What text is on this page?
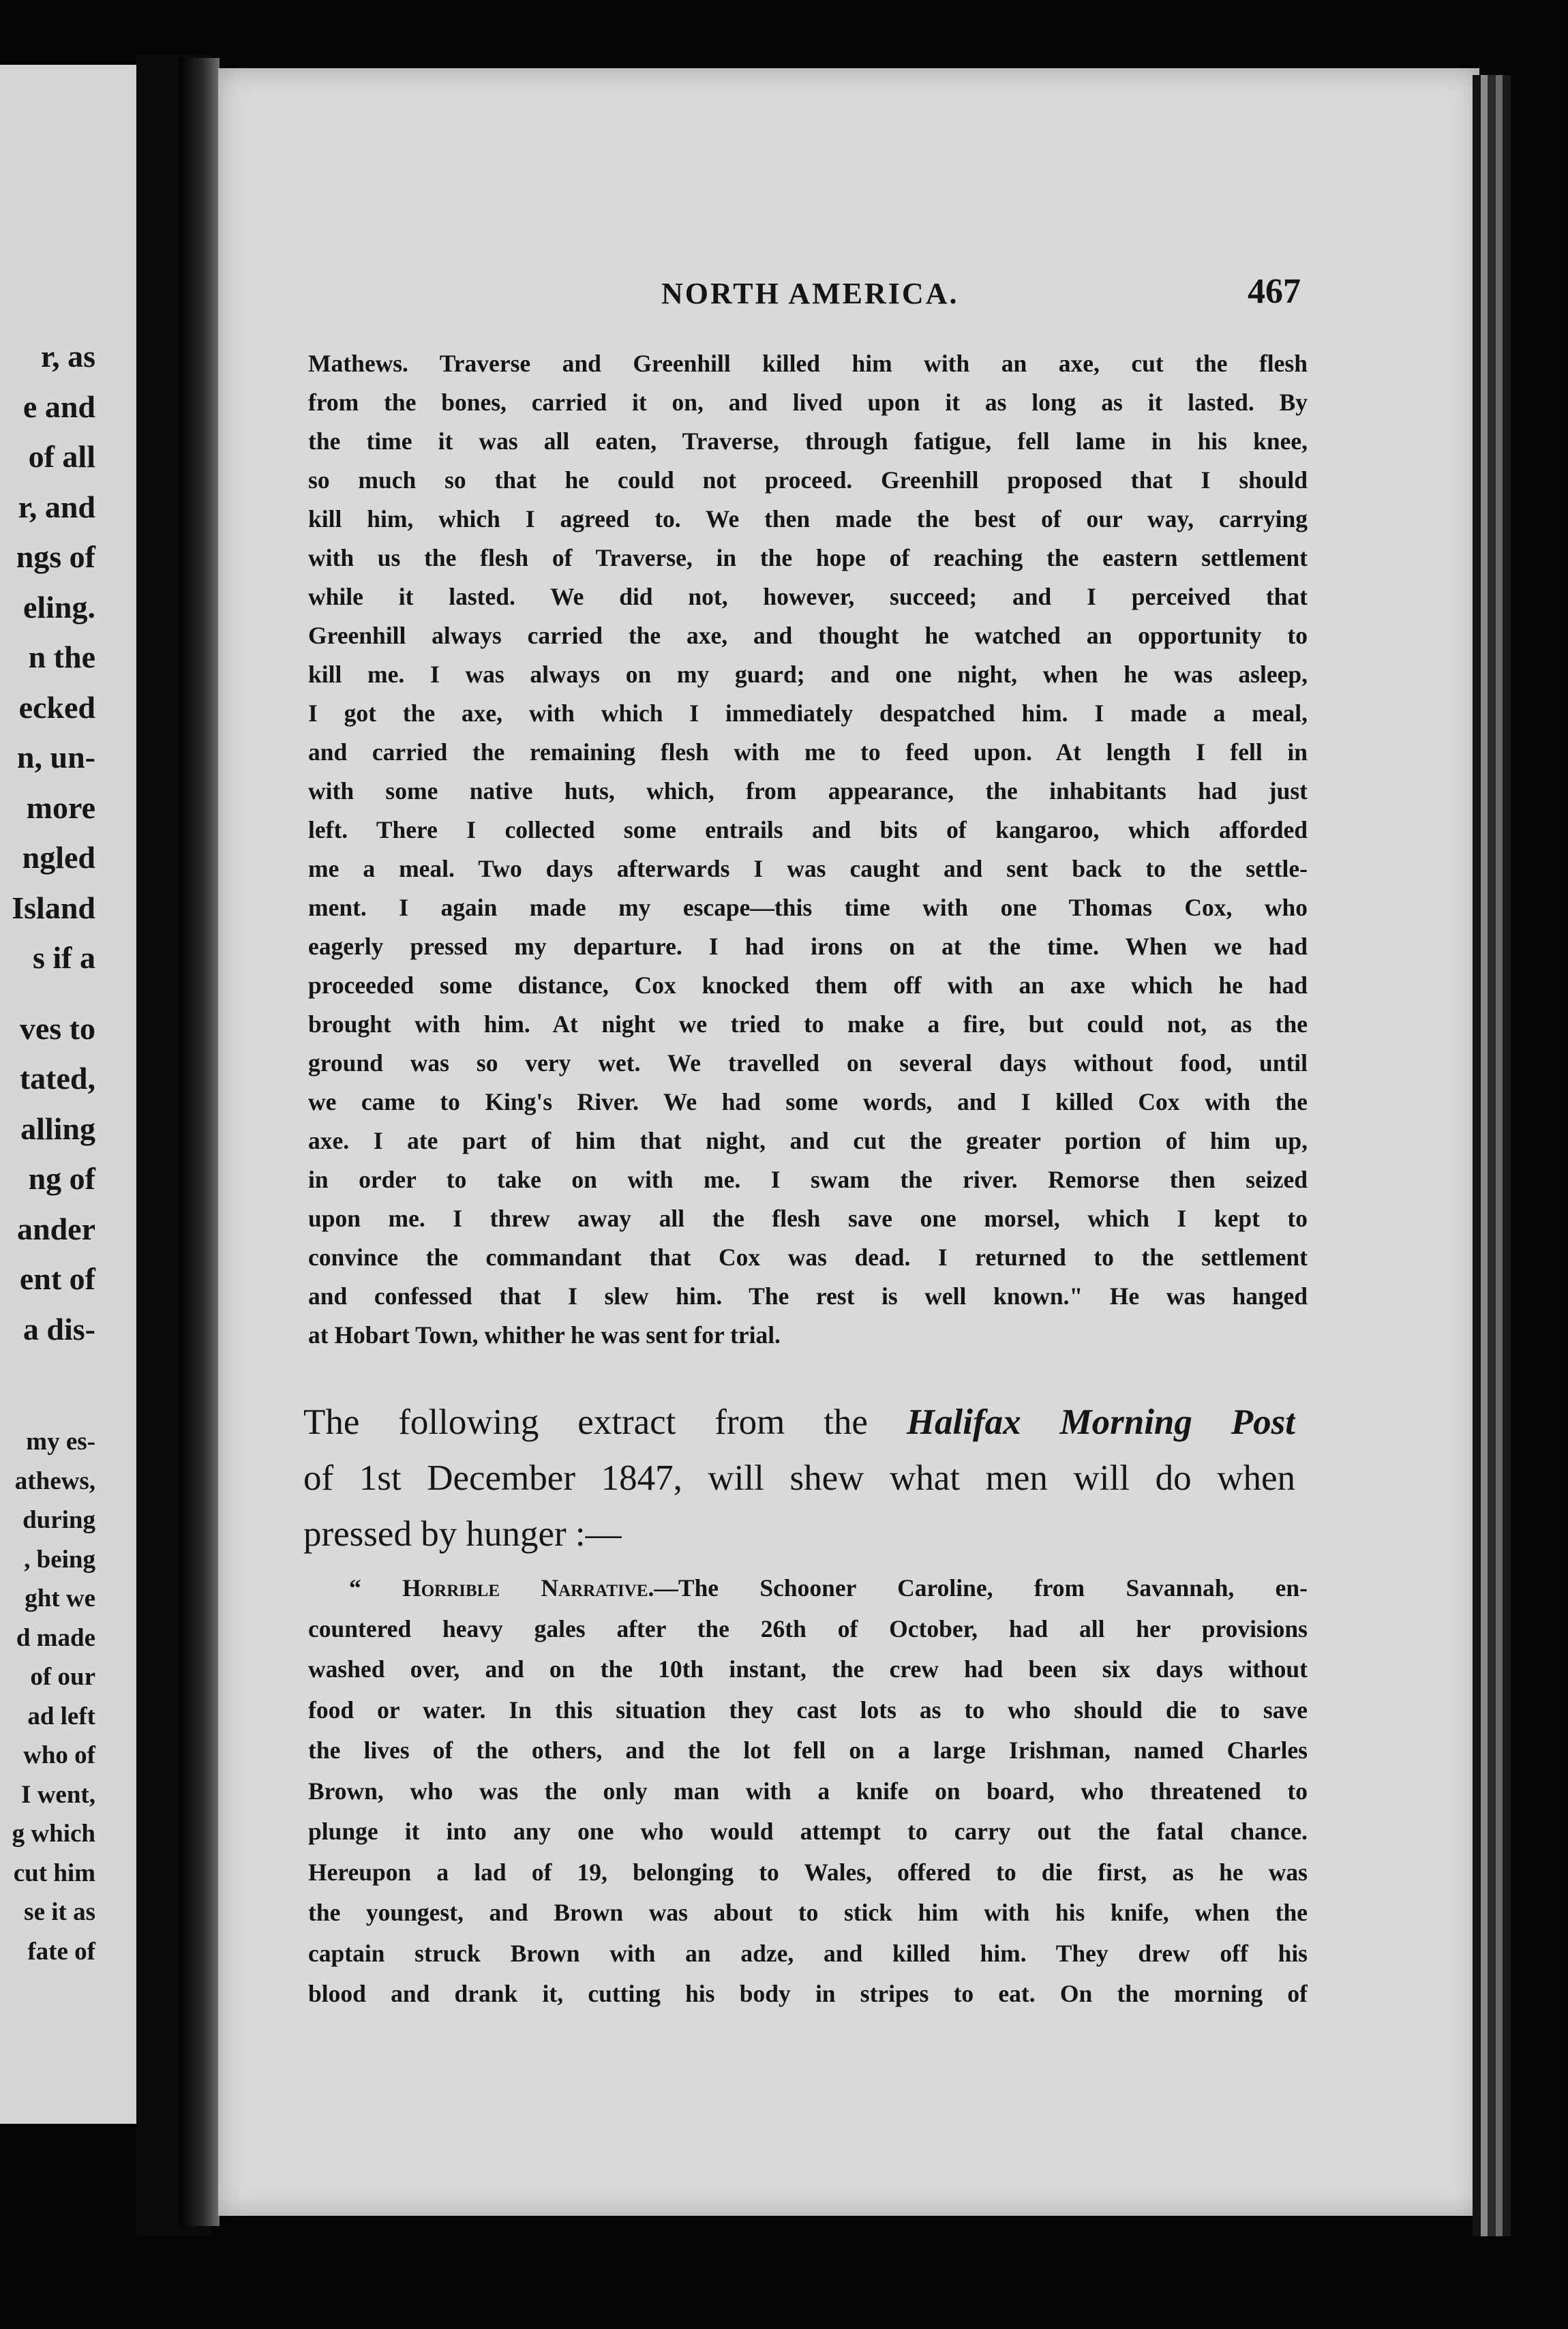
r, as
e and
of all
r, and
ngs of
eling.
n the
ecked
n, un-
more
ngled
Island
s if a
ves to
tated,
alling
ng of
ander
ent of
a dis-
my es-
athews,
during
, being
ght we
d made
of our
ad left
who of
I went,
g which
cut him
se it as
fate of
NORTH AMERICA.	467
Mathews. Traverse and Greenhill killed him with an axe, cut the flesh
from the bones, carried it on, and lived upon it as long as it lasted. By
the time it was all eaten, Traverse, through fatigue, fell lame in his knee,
so much so that he could not proceed. Greenhill proposed that I should
kill him, which I agreed to. We then made the best of our way, carrying
with us the flesh of Traverse, in the hope of reaching the eastern settlement
while it lasted. We did not, however, succeed; and I perceived that
Greenhill always carried the axe, and thought he watched an opportunity to
kill me. I was always on my guard; and one night, when he was asleep,
I got the axe, with which I immediately despatched him. I made a meal,
and carried the remaining flesh with me to feed upon. At length I fell in
with some native huts, which, from appearance, the inhabitants had just
left. There I collected some entrails and bits of kangaroo, which afforded
me a meal. Two days afterwards I was caught and sent back to the settle-
ment. I again made my escape—this time with one Thomas Cox, who
eagerly pressed my departure. I had irons on at the time. When we had
proceeded some distance, Cox knocked them off with an axe which he had
brought with him. At night we tried to make a fire, but could not, as the
ground was so very wet. We travelled on several days without food, until
we came to King's River. We had some words, and I killed Cox with the
axe. I ate part of him that night, and cut the greater portion of him up,
in order to take on with me. I swam the river. Remorse then seized
upon me. I threw away all the flesh save one morsel, which I kept to
convince the commandant that Cox was dead. I returned to the settlement
and confessed that I slew him. The rest is well known." He was hanged
at Hobart Town, whither he was sent for trial.
The following extract from the Halifax Morning Post
of 1st December 1847, will shew what men will do when
pressed by hunger :—
“ Horrible Narrative.—The Schooner Caroline, from Savannah, en-
countered heavy gales after the 26th of October, had all her provisions
washed over, and on the 10th instant, the crew had been six days without
food or water. In this situation they cast lots as to who should die to save
the lives of the others, and the lot fell on a large Irishman, named Charles
Brown, who was the only man with a knife on board, who threatened to
plunge it into any one who would attempt to carry out the fatal chance.
Hereupon a lad of 19, belonging to Wales, offered to die first, as he was
the youngest, and Brown was about to stick him with his knife, when the
captain struck Brown with an adze, and killed him. They drew off his
blood and drank it, cutting his body in stripes to eat. On the morning of
